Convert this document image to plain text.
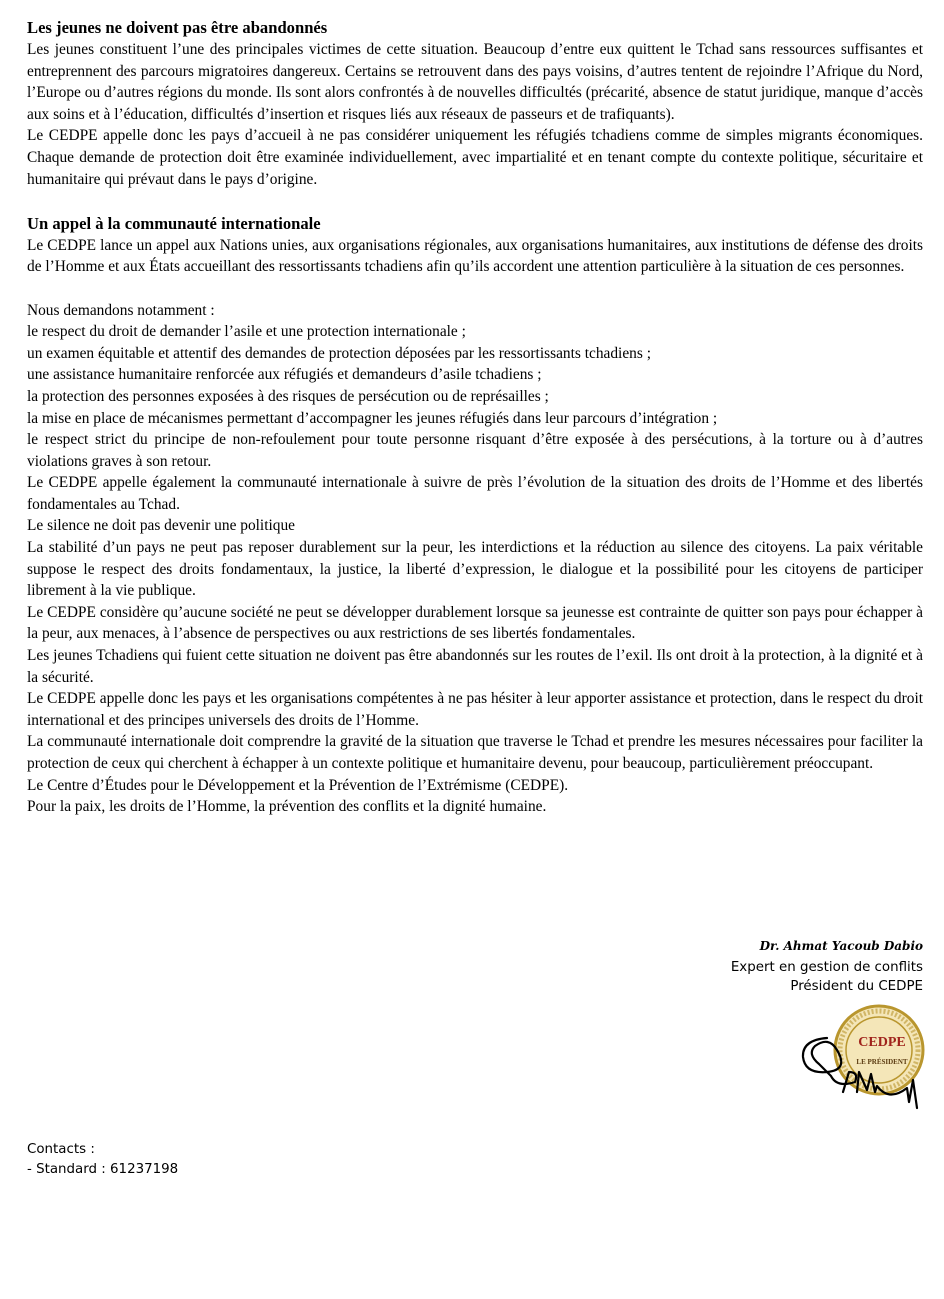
Les jeunes ne doivent pas être abandonnés

Les jeunes constituent l’une des principales victimes de cette situation. Beaucoup d’entre eux quittent le Tchad sans ressources suffisantes et entreprennent des parcours migratoires dangereux. Certains se retrouvent dans des pays voisins, d’autres tentent de rejoindre l’Afrique du Nord, l’Europe ou d’autres régions du monde. Ils sont alors confrontés à de nouvelles difficultés (précarité, absence de statut juridique, manque d’accès aux soins et à l’éducation, difficultés d’insertion et risques liés aux réseaux de passeurs et de trafiquants).

Le CEDPE appelle donc les pays d’accueil à ne pas considérer uniquement les réfugiés tchadiens comme de simples migrants économiques. Chaque demande de protection doit être examinée individuellement, avec impartialité et en tenant compte du contexte politique, sécuritaire et humanitaire qui prévaut dans le pays d’origine.

Un appel à la communauté internationale

Le CEDPE lance un appel aux Nations unies, aux organisations régionales, aux organisations humanitaires, aux institutions de défense des droits de l’Homme et aux États accueillant des ressortissants tchadiens afin qu’ils accordent une attention particulière à la situation de ces personnes.

Nous demandons notamment :

le respect du droit de demander l’asile et une protection internationale ;

un examen équitable et attentif des demandes de protection déposées par les ressortissants tchadiens ;

une assistance humanitaire renforcée aux réfugiés et demandeurs d’asile tchadiens ;

la protection des personnes exposées à des risques de persécution ou de représailles ;

la mise en place de mécanismes permettant d’accompagner les jeunes réfugiés dans leur parcours d’intégration ;

le respect strict du principe de non-refoulement pour toute personne risquant d’être exposée à des persécutions, à la torture ou à d’autres violations graves à son retour.

Le CEDPE appelle également la communauté internationale à suivre de près l’évolution de la situation des droits de l’Homme et des libertés fondamentales au Tchad.

Le silence ne doit pas devenir une politique

La stabilité d’un pays ne peut pas reposer durablement sur la peur, les interdictions et la réduction au silence des citoyens. La paix véritable suppose le respect des droits fondamentaux, la justice, la liberté d’expression, le dialogue et la possibilité pour les citoyens de participer librement à la vie publique.

Le CEDPE considère qu’aucune société ne peut se développer durablement lorsque sa jeunesse est contrainte de quitter son pays pour échapper à la peur, aux menaces, à l’absence de perspectives ou aux restrictions de ses libertés fondamentales.

Les jeunes Tchadiens qui fuient cette situation ne doivent pas être abandonnés sur les routes de l’exil. Ils ont droit à la protection, à la dignité et à la sécurité.

Le CEDPE appelle donc les pays et les organisations compétentes à ne pas hésiter à leur apporter assistance et protection, dans le respect du droit international et des principes universels des droits de l’Homme.

La communauté internationale doit comprendre la gravité de la situation que traverse le Tchad et prendre les mesures nécessaires pour faciliter la protection de ceux qui cherchent à échapper à un contexte politique et humanitaire devenu, pour beaucoup, particulièrement préoccupant.

Le Centre d’Études pour le Développement et la Prévention de l’Extrémisme (CEDPE).

Pour la paix, les droits de l’Homme, la prévention des conflits et la dignité humaine.

Dr. Ahmat Yacoub Dabio
Expert en gestion de conflits
Président du CEDPE
CEDPE
LE PRÉSIDENT
Contacts :
- Standard : 61237198
